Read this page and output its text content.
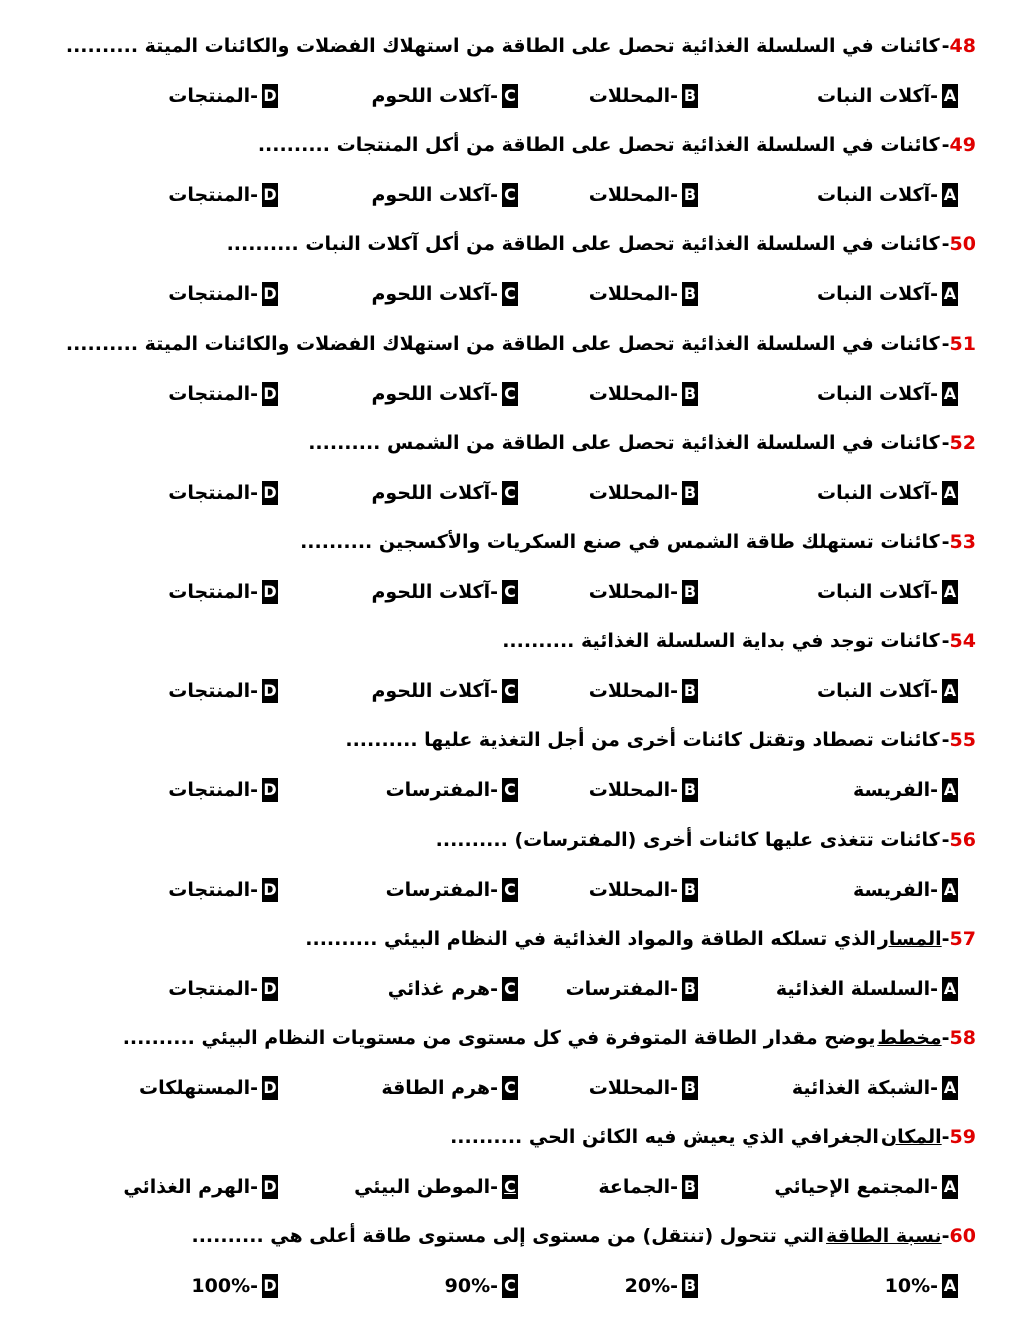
48
-
كائنات في السلسلة الغذائية تحصل على الطاقة من استهلاك الفضلات والكائنات الميتة ..........
A
-
آكلات النبات
B
-
المحللات
C
-
آكلات اللحوم
D
-
المنتجات
49
-
كائنات في السلسلة الغذائية تحصل على الطاقة من أكل المنتجات ..........
A
-
آكلات النبات
B
-
المحللات
C
-
آكلات اللحوم
D
-
المنتجات
50
-
كائنات في السلسلة الغذائية تحصل على الطاقة من أكل آكلات النبات ..........
A
-
آكلات النبات
B
-
المحللات
C
-
آكلات اللحوم
D
-
المنتجات
51
-
كائنات في السلسلة الغذائية تحصل على الطاقة من استهلاك الفضلات والكائنات الميتة ..........
A
-
آكلات النبات
B
-
المحللات
C
-
آكلات اللحوم
D
-
المنتجات
52
-
كائنات في السلسلة الغذائية تحصل على الطاقة من الشمس ..........
A
-
آكلات النبات
B
-
المحللات
C
-
آكلات اللحوم
D
-
المنتجات
53
-
كائنات تستهلك طاقة الشمس في صنع السكريات والأكسجين ..........
A
-
آكلات النبات
B
-
المحللات
C
-
آكلات اللحوم
D
-
المنتجات
54
-
كائنات توجد في بداية السلسلة الغذائية ..........
A
-
آكلات النبات
B
-
المحللات
C
-
آكلات اللحوم
D
-
المنتجات
55
-
كائنات تصطاد وتقتل كائنات أخرى من أجل التغذية عليها ..........
A
-
الفريسة
B
-
المحللات
C
-
المفترسات
D
-
المنتجات
56
-
كائنات تتغذى عليها كائنات أخرى (المفترسات) ..........
A
-
الفريسة
B
-
المحللات
C
-
المفترسات
D
-
المنتجات
57
-
المسار
الذي تسلكه الطاقة والمواد الغذائية في النظام البيئي ..........
A
-
السلسلة الغذائية
B
-
المفترسات
C
-
هرم غذائي
D
-
المنتجات
58
-
مخطط
يوضح مقدار الطاقة المتوفرة في كل مستوى من مستويات النظام البيئي ..........
A
-
الشبكة الغذائية
B
-
المحللات
C
-
هرم الطاقة
D
-
المستهلكات
59
-
المكان
الجغرافي الذي يعيش فيه الكائن الحي ..........
A
-
المجتمع الإحيائي
B
-
الجماعة
C
-
الموطن البيئي
D
-
الهرم الغذائي
60
-
نسبة الطاقة
التي تتحول (تنتقل) من مستوى إلى مستوى طاقة أعلى هي ..........
A
-
10%
B
-
20%
C
-
90%
D
-
100%
